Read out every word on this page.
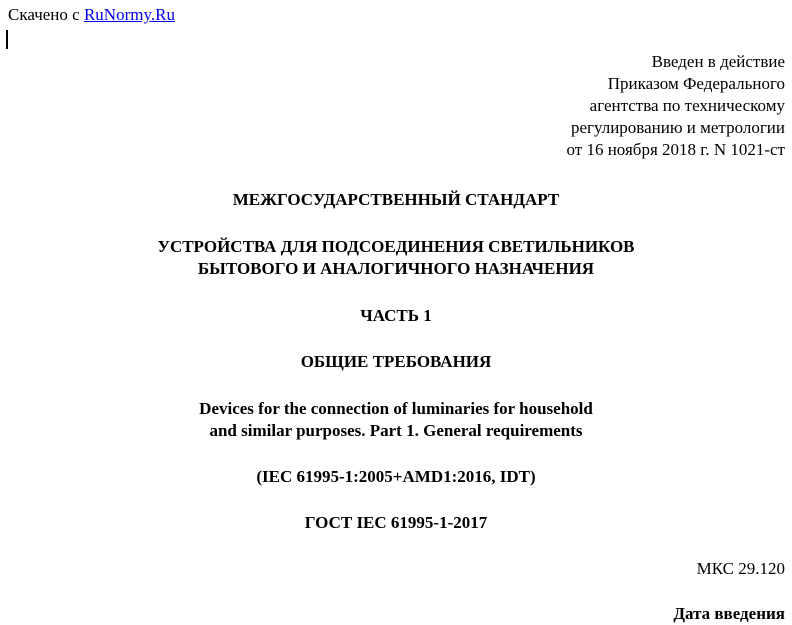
Скачено с RuNormy.Ru
Введен в действие
Приказом Федерального
агентства по техническому
регулированию и метрологии
от 16 ноября 2018 г. N 1021-ст
МЕЖГОСУДАРСТВЕННЫЙ СТАНДАРТ
УСТРОЙСТВА ДЛЯ ПОДСОЕДИНЕНИЯ СВЕТИЛЬНИКОВ
БЫТОВОГО И АНАЛОГИЧНОГО НАЗНАЧЕНИЯ
ЧАСТЬ 1
ОБЩИЕ ТРЕБОВАНИЯ
Devices for the connection of luminaries for household
and similar purposes. Part 1. General requirements
(IEC 61995-1:2005+AMD1:2016, IDT)
ГОСТ IEC 61995-1-2017
МКС 29.120
Дата введения
